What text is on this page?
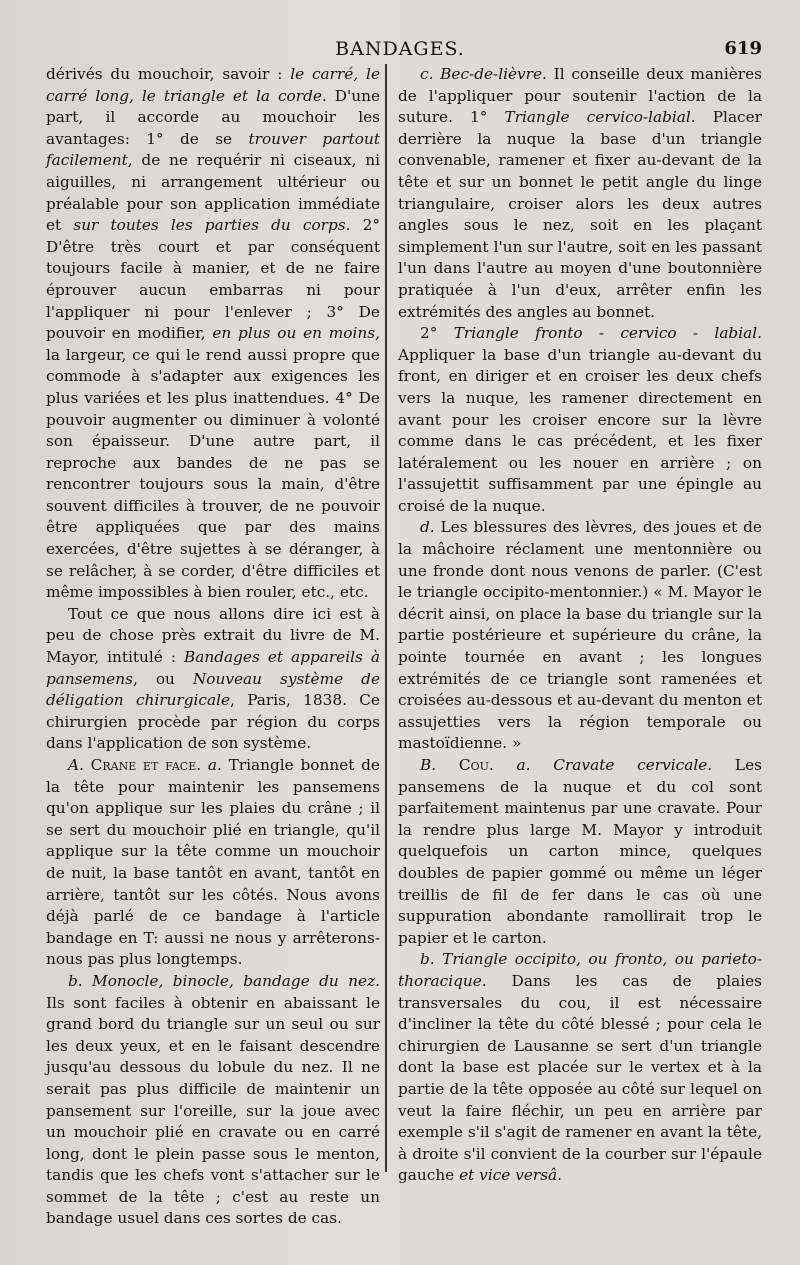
BANDAGES.	619

dérivés du mouchoir, savoir : le carré, le carré long, le triangle et la corde. D'une part, il accorde au mouchoir les avantages: 1° de se trouver partout facilement, de ne requérir ni ciseaux, ni aiguilles, ni arrangement ultérieur ou préalable pour son application immédiate et sur toutes les parties du corps. 2° D'être très court et par conséquent toujours facile à manier, et de ne faire éprouver aucun embarras ni pour l'appliquer ni pour l'enlever ; 3° De pouvoir en modifier, en plus ou en moins, la largeur, ce qui le rend aussi propre que commode à s'adapter aux exigences les plus variées et les plus inattendues. 4° De pouvoir augmenter ou diminuer à volonté son épaisseur. D'une autre part, il reproche aux bandes de ne pas se rencontrer toujours sous la main, d'être souvent difficiles à trouver, de ne pouvoir être appliquées que par des mains exercées, d'être sujettes à se déranger, à se relâcher, à se corder, d'être difficiles et même impossibles à bien rouler, etc., etc.

Tout ce que nous allons dire ici est à peu de chose près extrait du livre de M. Mayor, intitulé : Bandages et appareils à pansemens, ou Nouveau système de déligation chirurgicale, Paris, 1838. Ce chirurgien procède par région du corps dans l'application de son système.

A. Crane et face. a. Triangle bonnet de la tête pour maintenir les pansemens qu'on applique sur les plaies du crâne ; il se sert du mouchoir plié en triangle, qu'il applique sur la tête comme un mouchoir de nuit, la base tantôt en avant, tantôt en arrière, tantôt sur les côtés. Nous avons déjà parlé de ce bandage à l'article bandage en T: aussi ne nous y arrêterons-nous pas plus longtemps.

b. Monocle, binocle, bandage du nez. Ils sont faciles à obtenir en abaissant le grand bord du triangle sur un seul ou sur les deux yeux, et en le faisant descendre jusqu'au dessous du lobule du nez. Il ne serait pas plus difficile de maintenir un pansement sur l'oreille, sur la joue avec un mouchoir plié en cravate ou en carré long, dont le plein passe sous le menton, tandis que les chefs vont s'attacher sur le sommet de la tête ; c'est au reste un bandage usuel dans ces sortes de cas.

c. Bec-de-lièvre. Il conseille deux manières de l'appliquer pour soutenir l'action de la suture. 1° Triangle cervico-labial. Placer derrière la nuque la base d'un triangle convenable, ramener et fixer au-devant de la tête et sur un bonnet le petit angle du linge triangulaire, croiser alors les deux autres angles sous le nez, soit en les plaçant simplement l'un sur l'autre, soit en les passant l'un dans l'autre au moyen d'une boutonnière pratiquée à l'un d'eux, arrêter enfin les extrémités des angles au bonnet.

2° Triangle fronto - cervico - labial. Appliquer la base d'un triangle au-devant du front, en diriger et en croiser les deux chefs vers la nuque, les ramener directement en avant pour les croiser encore sur la lèvre comme dans le cas précédent, et les fixer latéralement ou les nouer en arrière ; on l'assujettit suffisamment par une épingle au croisé de la nuque.

d. Les blessures des lèvres, des joues et de la mâchoire réclament une mentonnière ou une fronde dont nous venons de parler. (C'est le triangle occipito-mentonnier.) « M. Mayor le décrit ainsi, on place la base du triangle sur la partie postérieure et supérieure du crâne, la pointe tournée en avant ; les longues extrémités de ce triangle sont ramenées et croisées au-dessous et au-devant du menton et assujetties vers la région temporale ou mastoïdienne. »

B. Cou. a. Cravate cervicale. Les pansemens de la nuque et du col sont parfaitement maintenus par une cravate. Pour la rendre plus large M. Mayor y introduit quelquefois un carton mince, quelques doubles de papier gommé ou même un léger treillis de fil de fer dans le cas où une suppuration abondante ramollirait trop le papier et le carton.

b. Triangle occipito, ou fronto, ou parieto-thoracique. Dans les cas de plaies transversales du cou, il est nécessaire d'incliner la tête du côté blessé ; pour cela le chirurgien de Lausanne se sert d'un triangle dont la base est placée sur le vertex et à la partie de la tête opposée au côté sur lequel on veut la faire fléchir, un peu en arrière par exemple s'il s'agit de ramener en avant la tête, à droite s'il convient de la courber sur l'épaule gauche et vice versâ.
